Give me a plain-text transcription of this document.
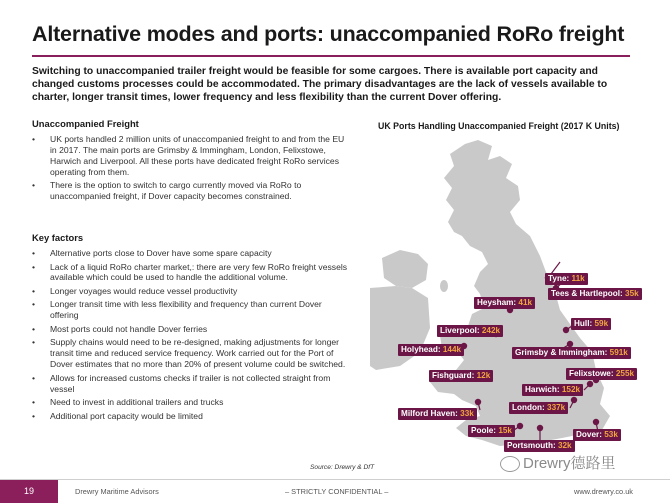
Alternative modes and ports: unaccompanied RoRo freight
Switching to unaccompanied trailer freight would be feasible for some cargoes. There is available port capacity and changed customs processes could be accommodated. The primary disadvantages are the lack of vessels available to charter, longer transit times, lower frequency and less flexibility than the current Dover offering.
Unaccompanied Freight
• UK ports handled 2 million units of unaccompanied freight to and from the EU in 2017. The main ports are Grimsby & Immingham, London, Felixstowe, Harwich and Liverpool. All these ports have dedicated freight RoRo services operating from them.
• There is the option to switch to cargo currently moved via RoRo to unaccompanied freight, if Dover capacity becomes constrained.
Key factors
• Alternative ports close to Dover have some spare capacity
• Lack of a liquid RoRo charter market,: there are very few RoRo freight vessels available which could be used to handle the additional volume.
• Longer voyages would reduce vessel productivity
• Longer transit time with less flexibility and frequency than current Dover offering
• Most ports could not handle Dover ferries
• Supply chains would need to be re-designed, making adjustments for longer transit time and reduced service frequency. Work carried out for the Port of Dover estimates that no more than 20% of present volume could be switched.
• Allows for increased customs checks if trailer is not collected straight from vessel
• Need to invest in additional trailers and trucks
• Additional port capacity would be limited
UK Ports Handling Unaccompanied Freight (2017 K Units)
Tyne: 11k
Tees & Hartlepool: 35k
Heysham: 41k
Hull: 59k
Liverpool: 242k
Holyhead: 144k	Grimsby & Immingham: 591k
Fishguard: 12k	Felixstowe: 255k
Harwich: 152k
London: 337k
Milford Haven: 33k
Poole: 15k	Dover: 53k
Portsmouth: 32k
Source: Drewry & DfT	Drewry德路里
19	Drewry Maritime Advisors	– STRICTLY CONFIDENTIAL –	www.drewry.co.uk
